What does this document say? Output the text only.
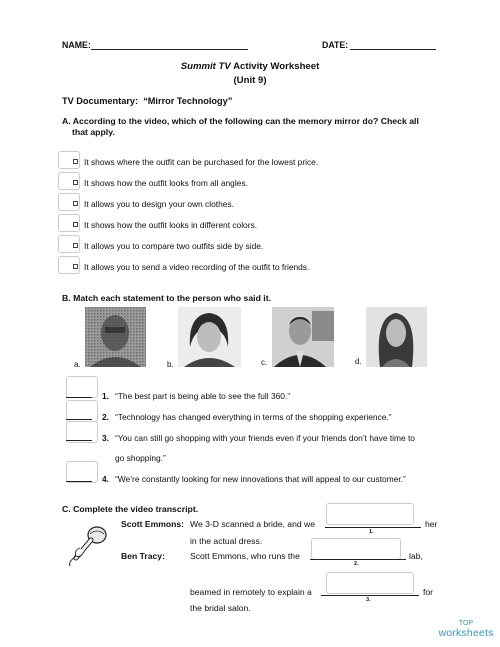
NAME:	DATE:
Summit TV Activity Worksheet
(Unit 9)
TV Documentary: “Mirror Technology”
A. According to the video, which of the following can the memory mirror do? Check all
that apply.
It shows where the outfit can be purchased for the lowest price.
It shows how the outfit looks from all angles.
It allows you to design your own clothes.
It shows how the outfit looks in different colors.
It allows you to compare two outfits side by side.
It allows you to send a video recording of the outfit to friends.
B. Match each statement to the person who said it.
a.	b.	c.	d.
1. “The best part is being able to see the full 360.”
2. “Technology has changed everything in terms of the shopping experience.”
3. “You can still go shopping with your friends even if your friends don’t have time to
go shopping.”
4. “We’re constantly looking for new innovations that will appeal to our customer.”
C. Complete the video transcript.
Scott Emmons: We 3-D scanned a bride, and we
1.
her
in the actual dress.
Ben Tracy:	Scott Emmons, who runs the
2.
lab,
beamed in remotely to explain a
3.
for
the bridal salon.
TOP
worksheets
